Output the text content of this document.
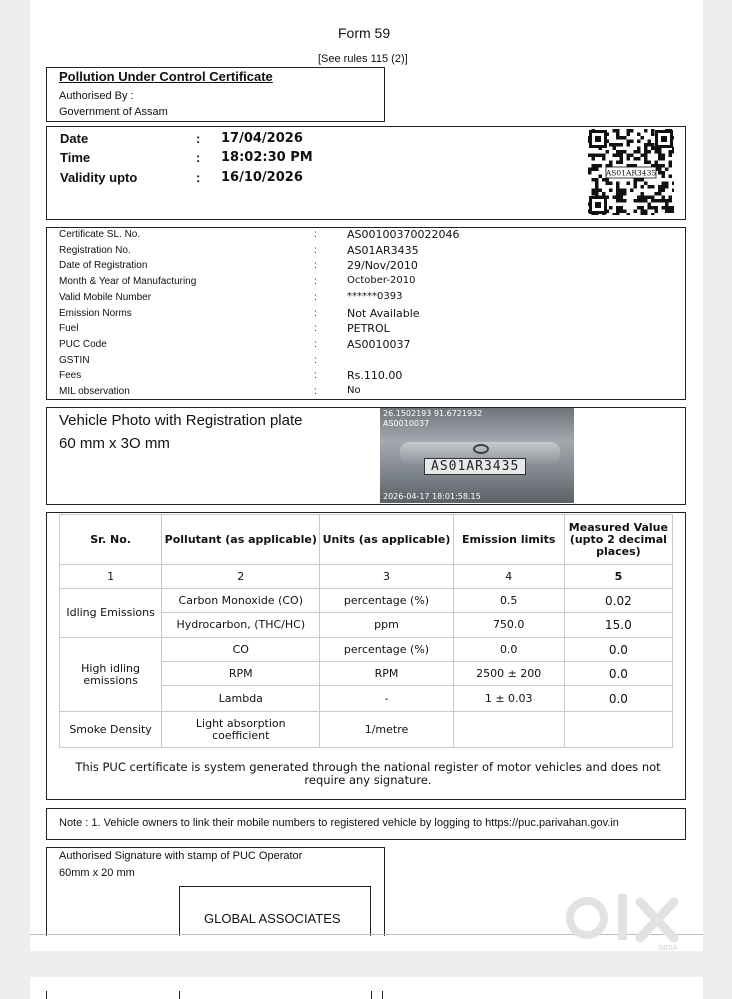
Form 59
[See rules 115 (2)]
Pollution Under Control Certificate
Authorised By :
Government of Assam
Date	: 17/04/2026
Time	: 18:02:30 PM
Validity upto	: 16/10/2026	AS01AR3435
Certificate SL. No.	:	AS00100370022046
Registration No.	:	AS01AR3435
Date of Registration	:	29/Nov/2010
Month & Year of Manufacturing	:	October-2010
Valid Mobile Number	:	******0393
Emission Norms	:	Not Available
Fuel	:	PETROL
PUC Code	:	AS0010037
GSTIN	:
Fees	:	Rs.110.00
MIL observation	:	No
Vehicle Photo with Registration plate
60 mm x 3O mm
26.1502193 91.6721932
AS0010037
AS01AR3435
2026-04-17 18:01:58.15
Sr. No.	Pollutant (as applicable)	Units (as applicable)	Emission limits	Measured Value (upto 2 decimal places)
1	2	3	4	5
Idling Emissions	Carbon Monoxide (CO)	percentage (%)	0.5	0.02
	Hydrocarbon, (THC/HC)	ppm	750.0	15.0
High idling emissions	CO	percentage (%)	0.0	0.0
	RPM	RPM	2500 ± 200	0.0
	Lambda	-	1 ± 0.03	0.0
Smoke Density	Light absorption coefficient	1/metre		
This PUC certificate is system generated through the national register of motor vehicles and does not require any signature.
Note : 1. Vehicle owners to link their mobile numbers to registered vehicle by logging to https://puc.parivahan.gov.in
Authorised Signature with stamp of PUC Operator
60mm x 20 mm
GLOBAL ASSOCIATES
INDIA
